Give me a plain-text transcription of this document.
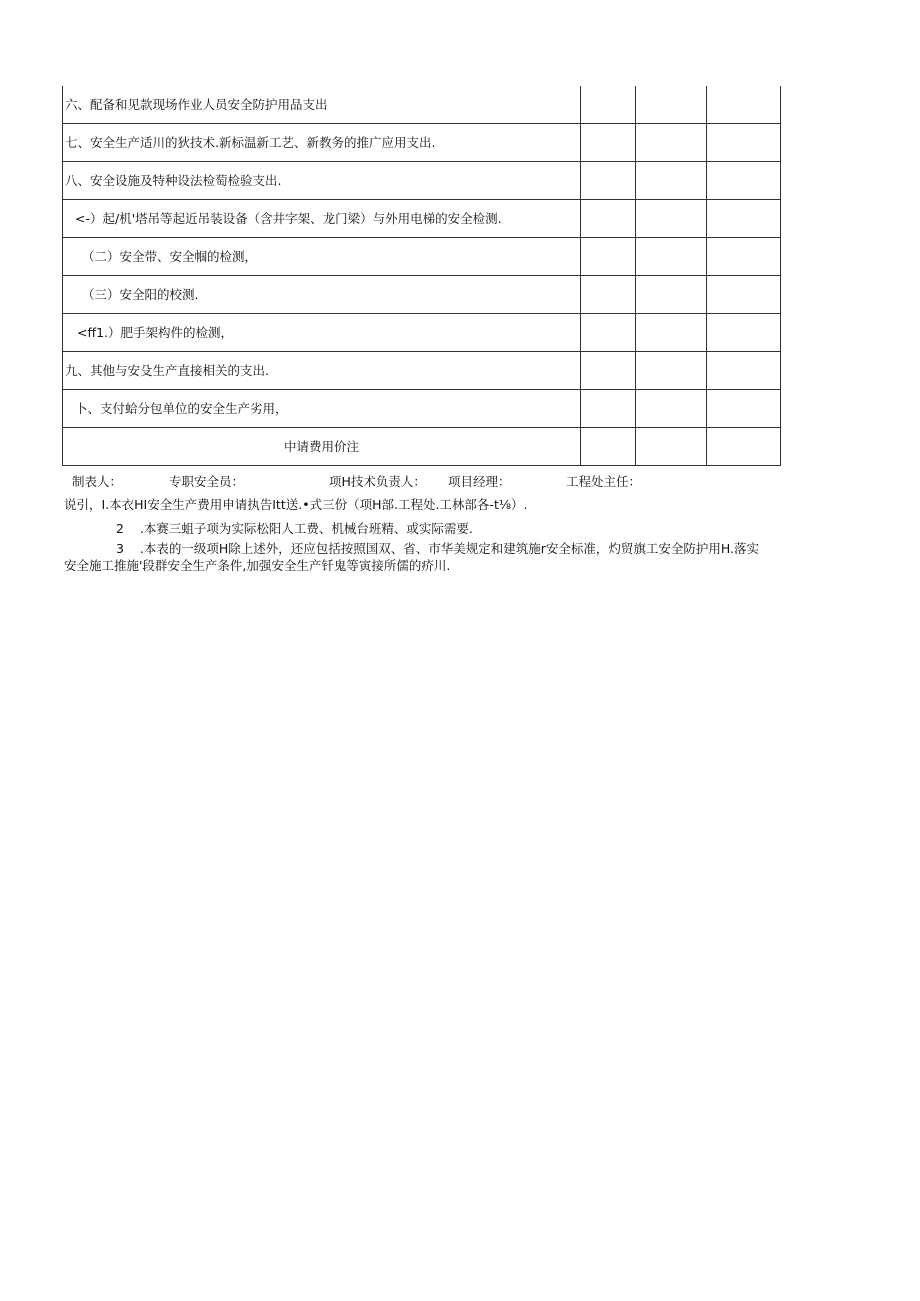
六、配备和见款现场作业人员安全防护用品支出			
七、安全生产适川的狄技术.新标温新工艺、新教务的推广应用支出.			
八、安全设施及特种设法检萄检验支出.			
<-）起/机'塔吊等起近吊装设备（含井字架、龙门梁）与外用电梯的安全检测.			
（二）安全带、安全帼的检测，			
（三）安全阳的校测.			
<ff1.）肥手架构件的检测，			
九、其他与安殳生产直接相关的支出.			
卜、支付蛤分包单位的安全生产劣用，			
中请费用价注			
制表人：	专职安全员：	项H技术负责人： 项目经理：	工程处主任：
说引，I.本衣HI安全生产费用申请执告Itt送.•式三份（项H部.工程处.工林部各-t⅛）.
2    .本赛三蛆子项为实际松阳人工费、机械台班精、或实际需要.
3    .本表的一级项H除上述外，还应包括按照国双、省、市华美规定和建筑施r安全标准，灼贸旗工安全防护用H.落实
安全施工推施'段群安全生产条件,加强安全生产钎鬼等寅接所儒的疥川.
